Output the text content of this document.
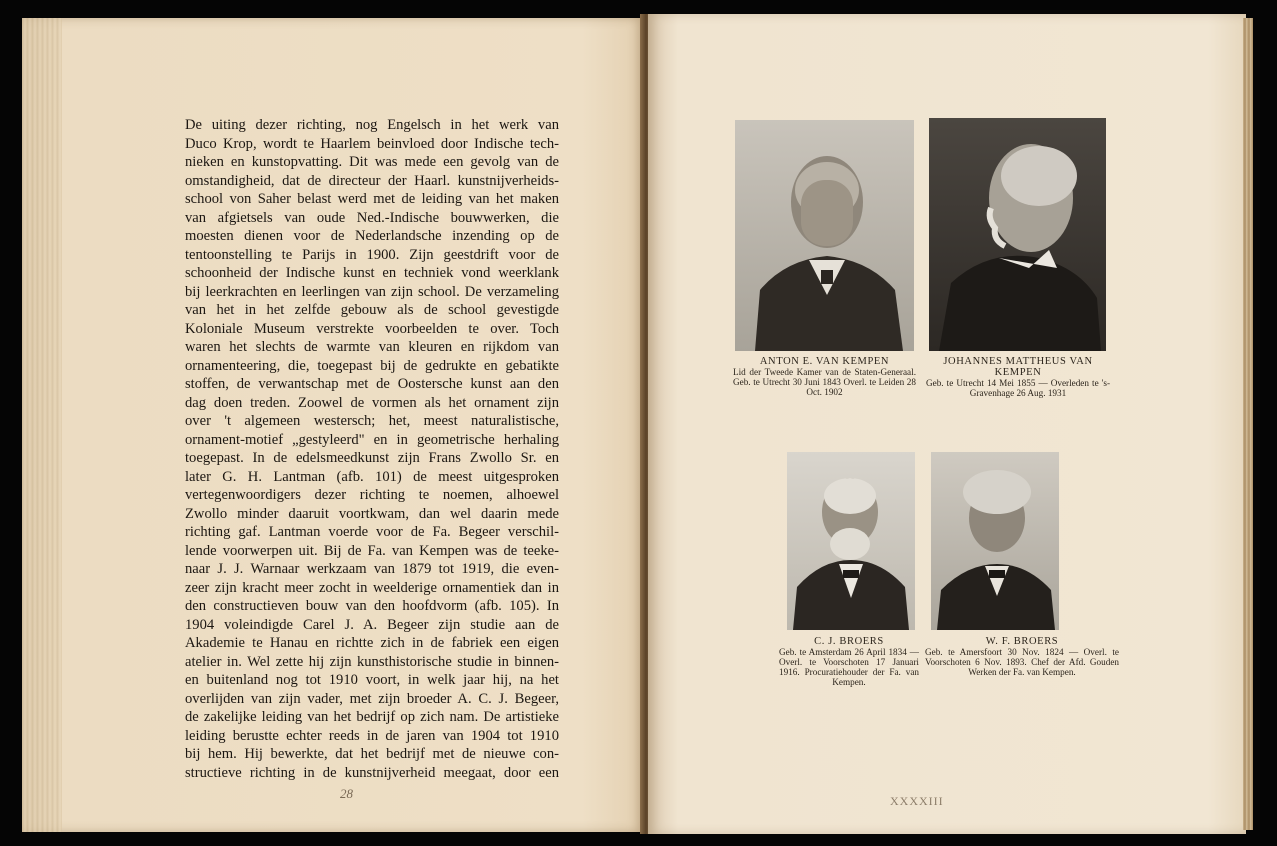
De uiting dezer richting, nog Engelsch in het werk van
Duco Krop, wordt te Haarlem beinvloed door Indische tech-
nieken en kunstopvatting. Dit was mede een gevolg van de
omstandigheid, dat de directeur der Haarl. kunstnijverheids-
school von Saher belast werd met de leiding van het maken
van afgietsels van oude Ned.-Indische bouwwerken, die
moesten dienen voor de Nederlandsche inzending op de
tentoonstelling te Parijs in 1900. Zijn geestdrift voor de
schoonheid der Indische kunst en techniek vond weerklank
bij leerkrachten en leerlingen van zijn school. De verzameling
van het in het zelfde gebouw als de school gevestigde
Koloniale Museum verstrekte voorbeelden te over. Toch
waren het slechts de warmte van kleuren en rijkdom van
ornamenteering, die, toegepast bij de gedrukte en gebatikte
stoffen, de verwantschap met de Oostersche kunst aan den
dag doen treden. Zoowel de vormen als het ornament zijn
over 't algemeen westersch; het, meest naturalistische,
ornament-motief „gestyleerd" en in geometrische herhaling
toegepast. In de edelsmeedkunst zijn Frans Zwollo Sr. en
later G. H. Lantman (afb. 101) de meest uitgesproken
vertegenwoordigers dezer richting te noemen, alhoewel
Zwollo minder daaruit voortkwam, dan wel daarin mede
richting gaf. Lantman voerde voor de Fa. Begeer verschil-
lende voorwerpen uit. Bij de Fa. van Kempen was de teeke-
naar J. J. Warnaar werkzaam van 1879 tot 1919, die even-
zeer zijn kracht meer zocht in weelderige ornamentiek dan in
den constructieven bouw van den hoofdvorm (afb. 105). In
1904 voleindigde Carel J. A. Begeer zijn studie aan de
Akademie te Hanau en richtte zich in de fabriek een eigen
atelier in. Wel zette hij zijn kunsthistorische studie in binnen-
en buitenland nog tot 1910 voort, in welk jaar hij, na het
overlijden van zijn vader, met zijn broeder A. C. J. Begeer,
de zakelijke leiding van het bedrijf op zich nam. De artistieke
leiding berustte echter reeds in de jaren van 1904 tot 1910
bij hem. Hij bewerkte, dat het bedrijf met de nieuwe con-
structieve richting in de kunstnijverheid meegaat, door een
28	XXXXIII
ANTON E. VAN KEMPEN
Lid der Tweede Kamer van de Staten-Generaal. Geb. te Utrecht 30 Juni 1843 Overl. te Leiden 28 Oct. 1902
JOHANNES MATTHEUS VAN KEMPEN
Geb. te Utrecht 14 Mei 1855 — Overleden te 's-Gravenhage 26 Aug. 1931
C. J. BROERS
Geb. te Amsterdam 26 April 1834 — Overl. te Voorschoten 17 Januari 1916. Procuratiehouder der Fa. van Kempen.
W. F. BROERS
Geb. te Amersfoort 30 Nov. 1824 — Overl. te Voorschoten 6 Nov. 1893. Chef der Afd. Gouden Werken der Fa. van Kempen.
